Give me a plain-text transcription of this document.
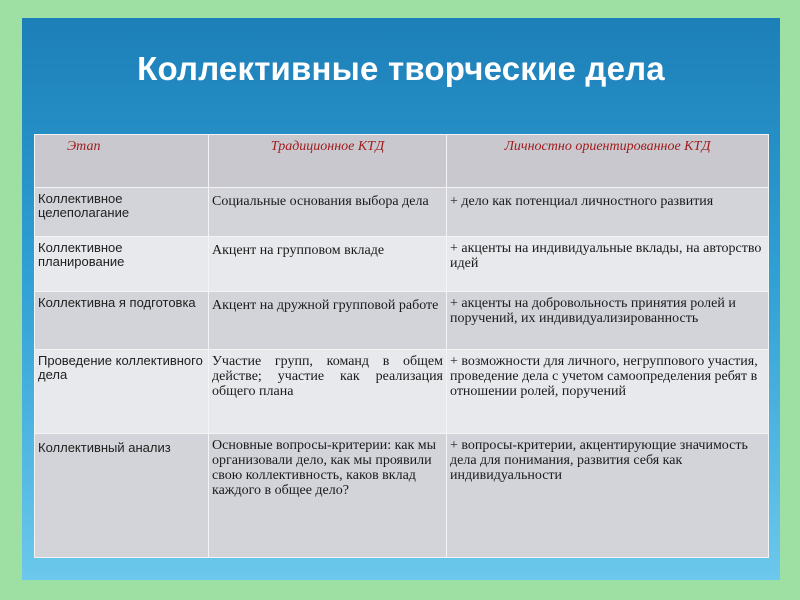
Коллективные творческие дела
Этап	Традиционное КТД	Личностно ориентированное КТД
Коллективное целеполагание	Социальные основания выбора дела	+ дело как потенциал личностного развития
Коллективное планирование	Акцент на групповом вкладе	+ акценты на индивидуальные вклады, на авторство идей
Коллективна я подготовка	Акцент на дружной групповой работе	+ акценты на добровольность принятия ролей и поручений, их индивидуализированность
Проведение коллективного дела	Участие групп, команд в общем действе; участие как реализация общего плана	+ возможности для личного, негруппового участия, проведение дела с учетом самоопределения ребят в отношении ролей, поручений
Коллективный анализ	Основные вопросы-критерии: как мы организовали дело, как мы проявили свою коллективность, каков вклад каждого в общее дело?	+ вопросы-критерии, акцентирующие значимость дела для понимания, развития себя как индивидуальности
